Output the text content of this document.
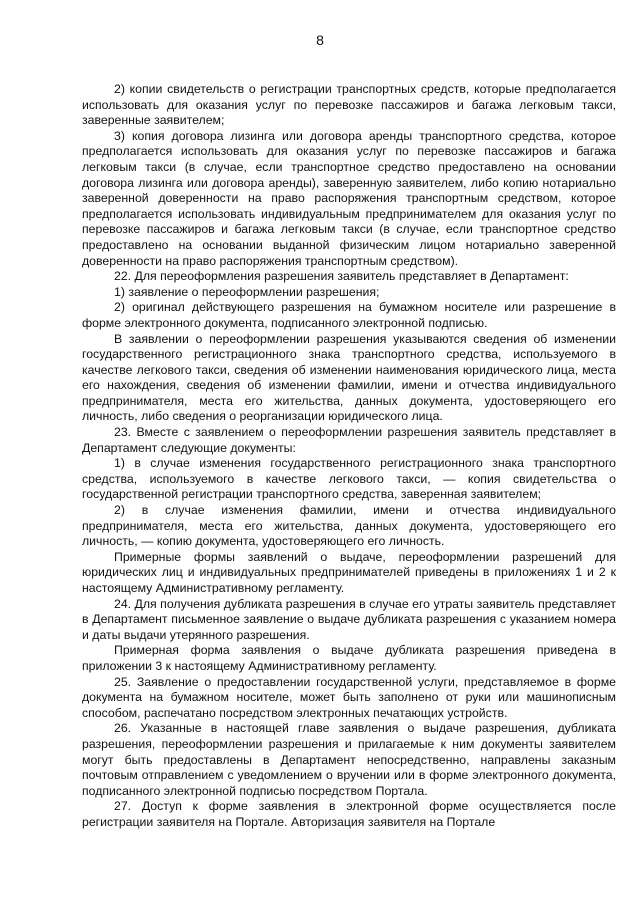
8

2) копии свидетельств о регистрации транспортных средств, которые предполагается использовать для оказания услуг по перевозке пассажиров и багажа легковым такси, заверенные заявителем;

3) копия договора лизинга или договора аренды транспортного средства, которое предполагается использовать для оказания услуг по перевозке пассажиров и багажа легковым такси (в случае, если транспортное средство предоставлено на основании договора лизинга или договора аренды), заверенную заявителем, либо копию нотариально заверенной доверенности на право распоряжения транспортным средством, которое предполагается использовать индивидуальным предпринимателем для оказания услуг по перевозке пассажиров и багажа легковым такси (в случае, если транспортное средство предоставлено на основании выданной физическим лицом нотариально заверенной доверенности на право распоряжения транспортным средством).

22. Для переоформления разрешения заявитель представляет в Департамент:

1) заявление о переоформлении разрешения;

2) оригинал действующего разрешения на бумажном носителе или разрешение в форме электронного документа, подписанного электронной подписью.

В заявлении о переоформлении разрешения указываются сведения об изменении государственного регистрационного знака транспортного средства, используемого в качестве легкового такси, сведения об изменении наименования юридического лица, места его нахождения, сведения об изменении фамилии, имени и отчества индивидуального предпринимателя, места его жительства, данных документа, удостоверяющего его личность, либо сведения о реорганизации юридического лица.

23. Вместе с заявлением о переоформлении разрешения заявитель представляет в Департамент следующие документы:

1) в случае изменения государственного регистрационного знака транспортного средства, используемого в качестве легкового такси, — копия свидетельства о государственной регистрации транспортного средства, заверенная заявителем;

2) в случае изменения фамилии, имени и отчества индивидуального предпринимателя, места его жительства, данных документа, удостоверяющего его личность, — копию документа, удостоверяющего его личность.

Примерные формы заявлений о выдаче, переоформлении разрешений для юридических лиц и индивидуальных предпринимателей приведены в приложениях 1 и 2 к настоящему Административному регламенту.

24. Для получения дубликата разрешения в случае его утраты заявитель представляет в Департамент письменное заявление о выдаче дубликата разрешения с указанием номера и даты выдачи утерянного разрешения.

Примерная форма заявления о выдаче дубликата разрешения приведена в приложении 3 к настоящему Административному регламенту.

25. Заявление о предоставлении государственной услуги, представляемое в форме документа на бумажном носителе, может быть заполнено от руки или машинописным способом, распечатано посредством электронных печатающих устройств.

26. Указанные в настоящей главе заявления о выдаче разрешения, дубликата разрешения, переоформлении разрешения и прилагаемые к ним документы заявителем могут быть предоставлены в Департамент непосредственно, направлены заказным почтовым отправлением с уведомлением о вручении или в форме электронного документа, подписанного электронной подписью посредством Портала.

27. Доступ к форме заявления в электронной форме осуществляется после регистрации заявителя на Портале. Авторизация заявителя на Портале
